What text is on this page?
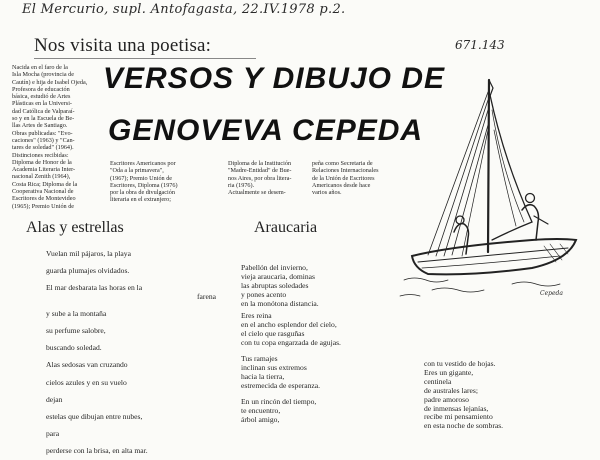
El Mercurio, supl. Antofagasta, 22.IV.1978 p.2.
671.143
Nos visita una poetisa:
VERSOS Y DIBUJO DE
GENOVEVA CEPEDA
Nacida en el faro de la
Isla Mocha (provincia de
Cautín) e hija de Isabel Ojeda,
Profesora de educación
básica, estudió de Artes
Plásticas en la Universi-
dad Católica de Valparaí-
so y en la Escuela de Be-
llas Artes de Santiago.
Obras publicadas: "Evo-
caciones" (1963) y "Can-
tares de soledad" (1964).
Distinciones recibidas:
Diploma de Honor de la
Academia Literaria Inter-
nacional Zenith (1964),
Costa Rica; Diploma de la
Cooperativa Nacional de
Escritores de Montevideo
(1965); Premio Unión de
Escritores Americanos por
"Oda a la primavera",
(1967); Premio Unión de
Escritores, Diploma (1976)
por la obra de divulgación
literaria en el extranjero;
Diploma de la Institución
"Madre-Entidad" de Bue-
nos Aires, por obra litera-
ria (1976).
Actualmente se desem-
peña como Secretaria de
Relaciones Internacionales
de la Unión de Escritores
Americanos desde hace
varios años.
Alas y estrellas
Vuelan mil pájaros, la playa
guarda plumajes olvidados.
El mar desbarata las horas en la
farena
y sube a la montaña
su perfume salobre,
buscando soledad.
Alas sedosas van cruzando
cielos azules y en su vuelo
dejan
estelas que dibujan entre nubes,
para
perderse con la brisa, en alta mar.
Araucaria
Pabellón del invierno,
vieja araucaria, dominas
las abruptas soledades
y pones acento
en la monótona distancia.
Eres reina
en el ancho esplendor del cielo,
el cielo que rasguñas
con tu copa engarzada de agujas.
Tus ramajes
inclinan sus extremos
hacia la tierra,
estremecida de esperanza.
En un rincón del tiempo,
te encuentro,
árbol amigo,
con tu vestido de hojas.
Eres un gigante,
centinela
de australes lares;
padre amoroso
de inmensas lejanías,
recibe mi pensamiento
en esta noche de sombras.
Cepeda
